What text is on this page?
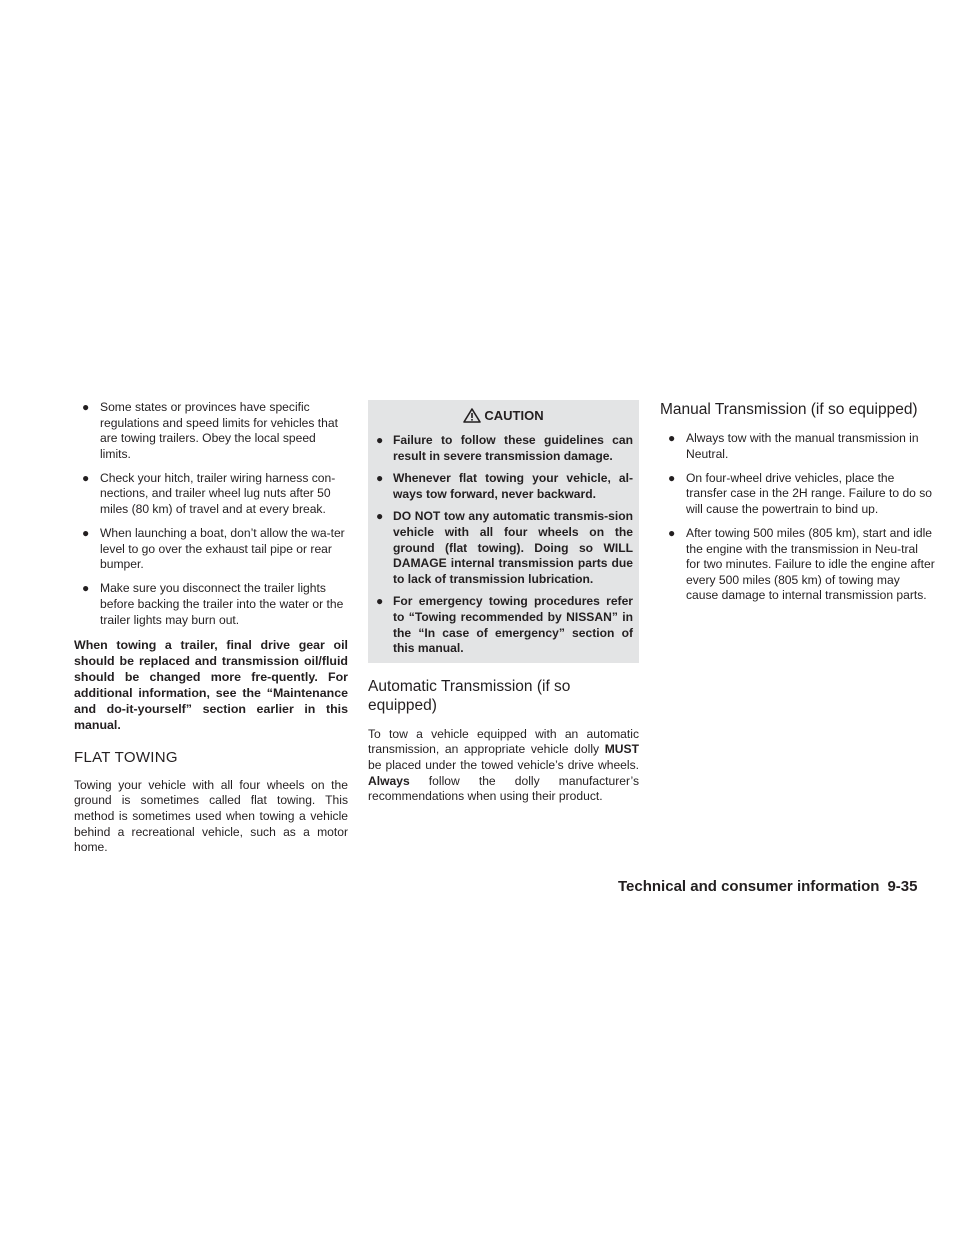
● Some states or provinces have specific regulations and speed limits for vehicles that are towing trailers. Obey the local speed limits.
● Check your hitch, trailer wiring harness con-nections, and trailer wheel lug nuts after 50 miles (80 km) of travel and at every break.
● When launching a boat, don’t allow the wa-ter level to go over the exhaust tail pipe or rear bumper.
● Make sure you disconnect the trailer lights before backing the trailer into the water or the trailer lights may burn out.

When towing a trailer, final drive gear oil should be replaced and transmission oil/fluid should be changed more fre-quently. For additional information, see the “Maintenance and do-it-yourself” section earlier in this manual.

FLAT TOWING

Towing your vehicle with all four wheels on the ground is sometimes called flat towing. This method is sometimes used when towing a vehicle behind a recreational vehicle, such as a motor home.

CAUTION
● Failure to follow these guidelines can result in severe transmission damage.
● Whenever flat towing your vehicle, al-ways tow forward, never backward.
● DO NOT tow any automatic transmis-sion vehicle with all four wheels on the ground (flat towing). Doing so WILL DAMAGE internal transmission parts due to lack of transmission lubrication.
● For emergency towing procedures refer to “Towing recommended by NISSAN” in the “In case of emergency” section of this manual.
Automatic Transmission (if so equipped)

To tow a vehicle equipped with an automatic transmission, an appropriate vehicle dolly MUST be placed under the towed vehicle’s drive wheels. Always follow the dolly manufacturer’s recommendations when using their product.

Manual Transmission (if so equipped)
● Always tow with the manual transmission in Neutral.
● On four-wheel drive vehicles, place the transfer case in the 2H range. Failure to do so will cause the powertrain to bind up.
● After towing 500 miles (805 km), start and idle the engine with the transmission in Neu-tral for two minutes. Failure to idle the engine after every 500 miles (805 km) of towing may cause damage to internal transmission parts.
Technical and consumer information 9-35
